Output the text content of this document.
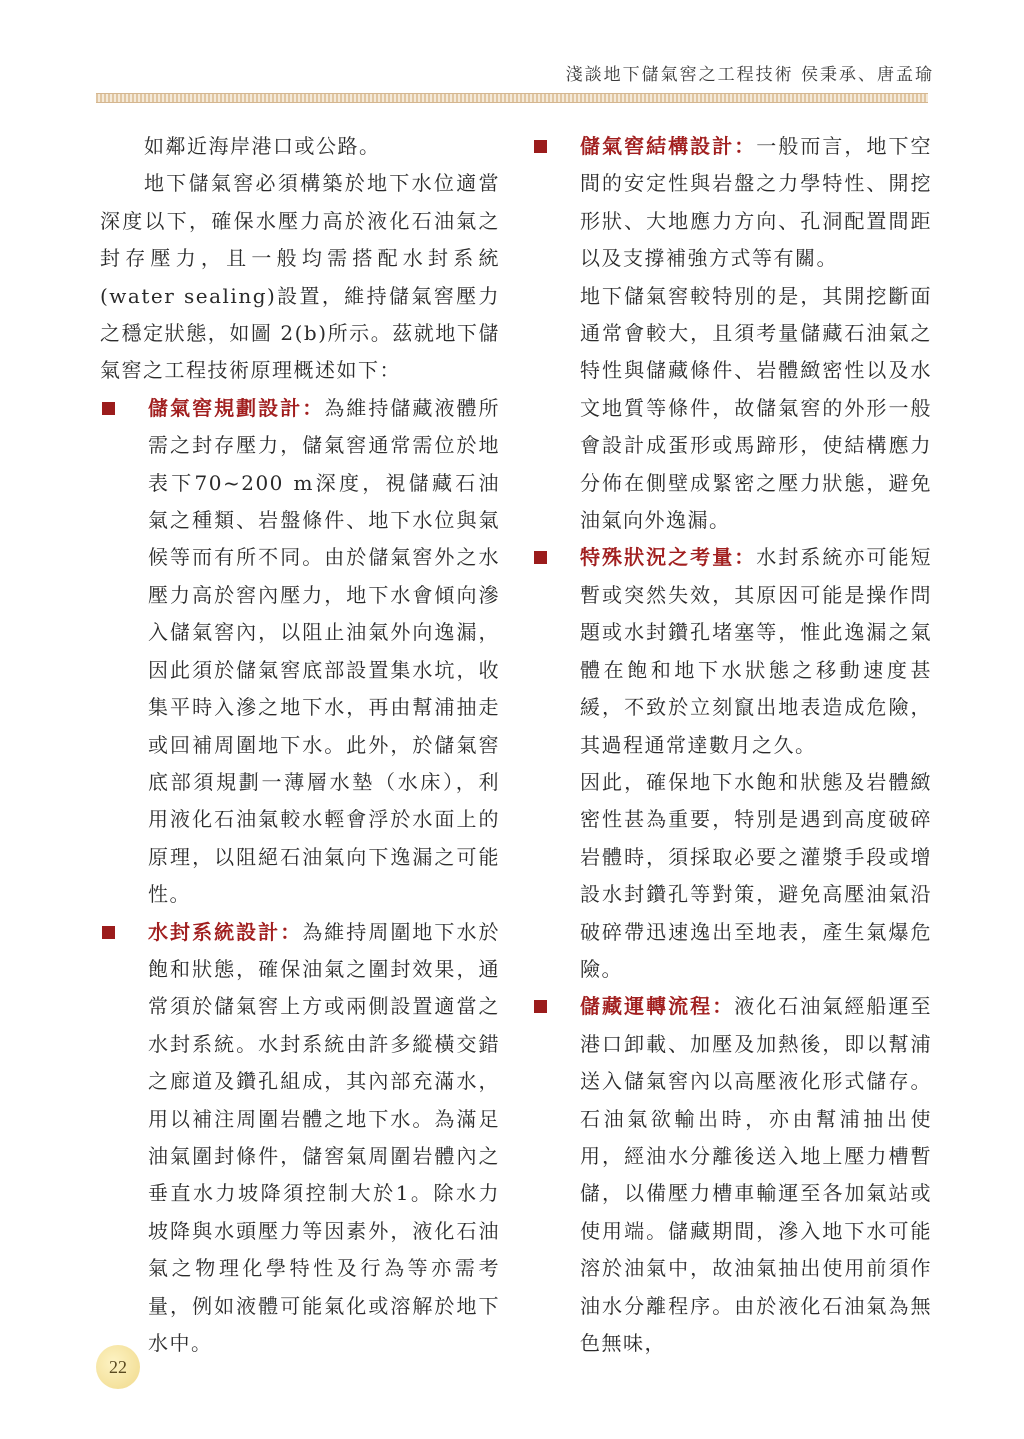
淺談地下儲氣窖之工程技術 侯秉承、唐孟瑜

如鄰近海岸港口或公路。

地下儲氣窖必須構築於地下水位適當深度以下，確保水壓力高於液化石油氣之封存壓力，且一般均需搭配水封系統(water sealing)設置，維持儲氣窖壓力之穩定狀態，如圖 2(b)所示。茲就地下儲氣窖之工程技術原理概述如下：

儲氣窖規劃設計：為維持儲藏液體所需之封存壓力，儲氣窖通常需位於地表下70~200 m深度，視儲藏石油氣之種類、岩盤條件、地下水位與氣候等而有所不同。由於儲氣窖外之水壓力高於窖內壓力，地下水會傾向滲入儲氣窖內，以阻止油氣外向逸漏，因此須於儲氣窖底部設置集水坑，收集平時入滲之地下水，再由幫浦抽走或回補周圍地下水。此外，於儲氣窖底部須規劃一薄層水墊（水床），利用液化石油氣較水輕會浮於水面上的原理，以阻絕石油氣向下逸漏之可能性。

水封系統設計：為維持周圍地下水於飽和狀態，確保油氣之圍封效果，通常須於儲氣窖上方或兩側設置適當之水封系統。水封系統由許多縱橫交錯之廊道及鑽孔組成，其內部充滿水，用以補注周圍岩體之地下水。為滿足油氣圍封條件，儲窖氣周圍岩體內之垂直水力坡降須控制大於1。除水力坡降與水頭壓力等因素外，液化石油氣之物理化學特性及行為等亦需考量，例如液體可能氣化或溶解於地下水中。

儲氣窖結構設計：一般而言，地下空間的安定性與岩盤之力學特性、開挖形狀、大地應力方向、孔洞配置間距以及支撐補強方式等有關。

地下儲氣窖較特別的是，其開挖斷面通常會較大，且須考量儲藏石油氣之特性與儲藏條件、岩體緻密性以及水文地質等條件，故儲氣窖的外形一般會設計成蛋形或馬蹄形，使結構應力分佈在側壁成緊密之壓力狀態，避免油氣向外逸漏。

特殊狀況之考量：水封系統亦可能短暫或突然失效，其原因可能是操作問題或水封鑽孔堵塞等，惟此逸漏之氣體在飽和地下水狀態之移動速度甚緩，不致於立刻竄出地表造成危險，其過程通常達數月之久。

因此，確保地下水飽和狀態及岩體緻密性甚為重要，特別是遇到高度破碎岩體時，須採取必要之灌漿手段或增設水封鑽孔等對策，避免高壓油氣沿破碎帶迅速逸出至地表，產生氣爆危險。

儲藏運轉流程：液化石油氣經船運至港口卸載、加壓及加熱後，即以幫浦送入儲氣窖內以高壓液化形式儲存。石油氣欲輸出時，亦由幫浦抽出使用，經油水分離後送入地上壓力槽暫儲，以備壓力槽車輸運至各加氣站或使用端。儲藏期間，滲入地下水可能溶於油氣中，故油氣抽出使用前須作油水分離程序。由於液化石油氣為無色無味，

22
